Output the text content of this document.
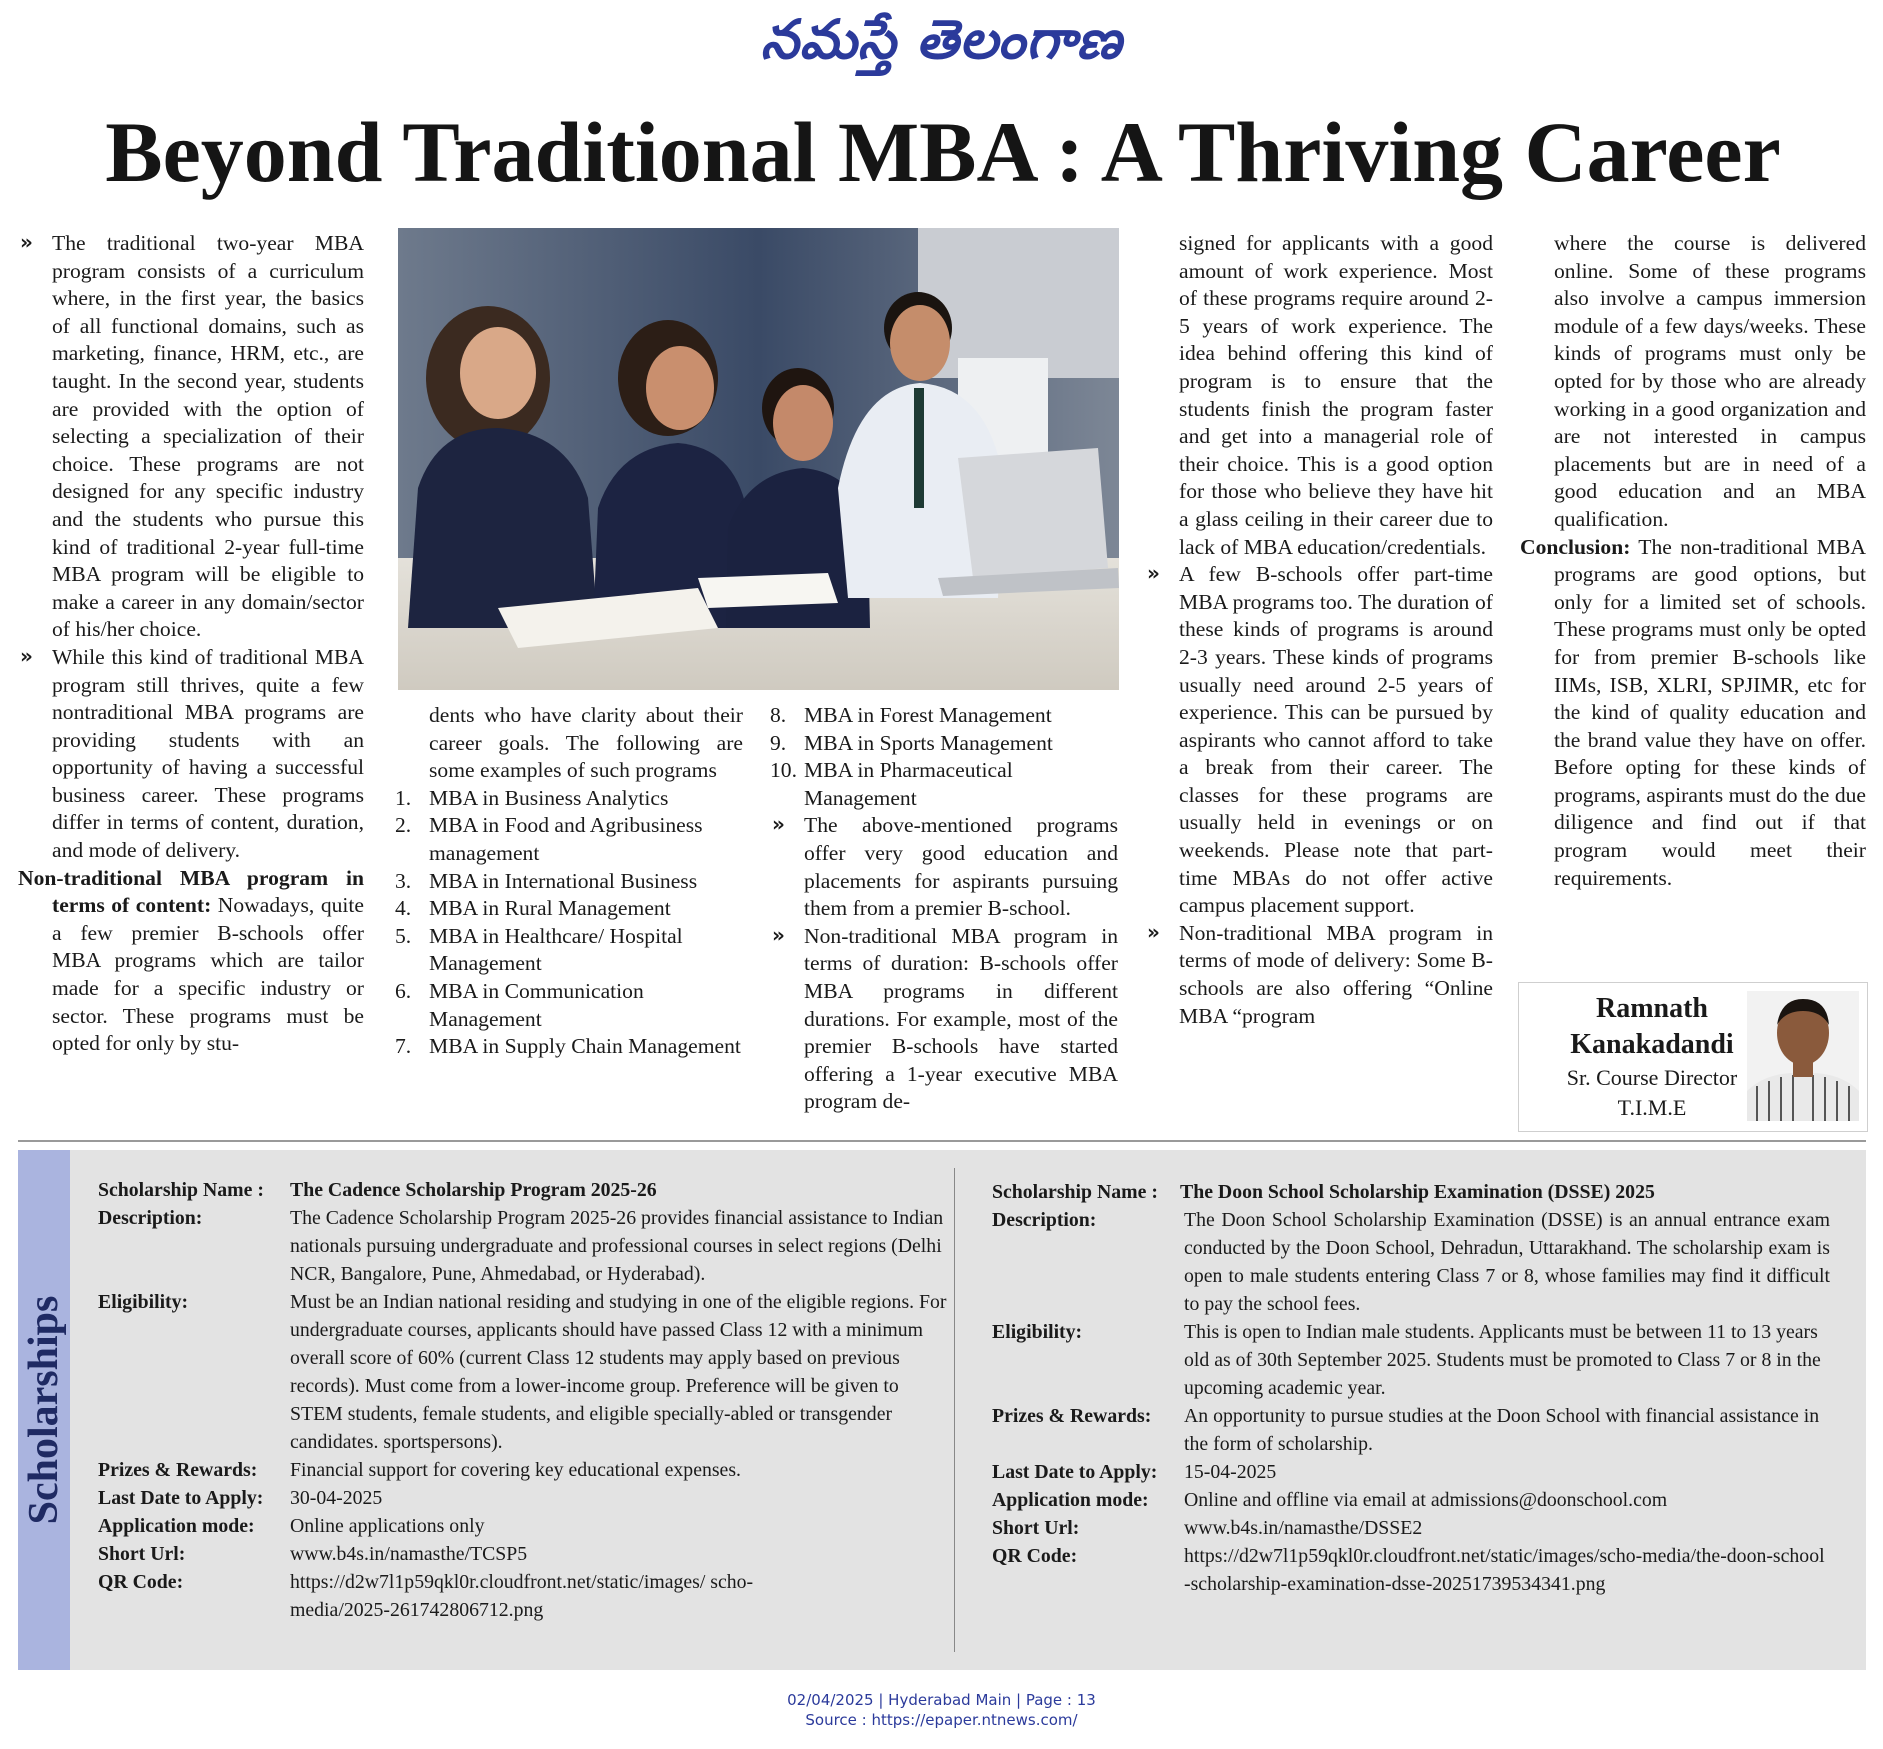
నమస్తే తెలంగాణ
Beyond Traditional MBA : A Thriving Career

» The traditional two-year MBA program consists of a curriculum where, in the first year, the basics of all functional domains, such as marketing, finance, HRM, etc., are taught. In the second year, students are provided with the option of selecting a specialization of their choice. These programs are not designed for any specific industry and the students who pursue this kind of traditional 2-year full-time MBA program will be eligible to make a career in any domain/sector of his/her choice.

» While this kind of traditional MBA program still thrives, quite a few nontraditional MBA programs are providing students with an opportunity of having a successful business career. These programs differ in terms of content, duration, and mode of delivery.

Non-traditional MBA program in terms of content: Nowadays, quite a few premier B-schools offer MBA programs which are tailor made for a specific industry or sector. These programs must be opted for only by stu-

dents who have clarity about their career goals. The following are some examples of such programs

1. MBA in Business Analytics
2. MBA in Food and Agribusiness management
3. MBA in International Business
4. MBA in Rural Management
5. MBA in Healthcare/ Hospital Management
6. MBA in Communication Management
7. MBA in Supply Chain Management
8. MBA in Forest Management
9. MBA in Sports Management
10. MBA in Pharmaceutical Management

» The above-mentioned programs offer very good education and placements for aspirants pursuing them from a premier B-school.

» Non-traditional MBA program in terms of duration: B-schools offer MBA programs in different durations. For example, most of the premier B-schools have started offering a 1-year executive MBA program de-

signed for applicants with a good amount of work experience. Most of these programs require around 2-5 years of work experience. The idea behind offering this kind of program is to ensure that the students finish the program faster and get into a managerial role of their choice. This is a good option for those who believe they have hit a glass ceiling in their career due to lack of MBA education/credentials.

» A few B-schools offer part-time MBA programs too. The duration of these kinds of programs is around 2-3 years. These kinds of programs usually need around 2-5 years of experience. This can be pursued by aspirants who cannot afford to take a break from their career. The classes for these programs are usually held in evenings or on weekends. Please note that part-time MBAs do not offer active campus placement support.

» Non-traditional MBA program in terms of mode of delivery: Some B-schools are also offering “Online MBA “program

where the course is delivered online. Some of these programs also involve a campus immersion module of a few days/weeks. These kinds of programs must only be opted for by those who are already working in a good organization and are not interested in campus placements but are in need of a good education and an MBA qualification.

Conclusion: The non-traditional MBA programs are good options, but only for a limited set of schools. These programs must only be opted for from premier B-schools like IIMs, ISB, XLRI, SPJIMR, etc for the kind of quality education and the brand value they have on offer. Before opting for these kinds of programs, aspirants must do the due diligence and find out if that program would meet their requirements.

Ramnath
Kanakadandi
Sr. Course Director
T.I.M.E
Scholarships
Scholarship Name : The Cadence Scholarship Program 2025-26
Description:	The Cadence Scholarship Program 2025-26 provides financial assistance to Indian nationals pursuing undergraduate and professional courses in select regions (Delhi NCR, Bangalore, Pune, Ahmedabad, or Hyderabad).
Eligibility:	Must be an Indian national residing and studying in one of the eligible regions. For undergraduate courses, applicants should have passed Class 12 with a minimum overall score of 60% (current Class 12 students may apply based on previous records). Must come from a lower-income group. Preference will be given to STEM students, female students, and eligible specially-abled or transgender candidates. sportspersons).
Prizes & Rewards: Financial support for covering key educational expenses.
Last Date to Apply: 30-04-2025
Application mode: Online applications only
Short Url:	www.b4s.in/namasthe/TCSP5
QR Code:	https://d2w7l1p59qkl0r.cloudfront.net/static/images/ scho-media/2025-261742806712.png
Scholarship Name : The Doon School Scholarship Examination (DSSE) 2025
Description:	The Doon School Scholarship Examination (DSSE) is an annual entrance exam conducted by the Doon School, Dehradun, Uttarakhand. The scholarship exam is open to male students entering Class 7 or 8, whose families may find it difficult to pay the school fees.
Eligibility:	This is open to Indian male students. Applicants must be between 11 to 13 years old as of 30th September 2025. Students must be promoted to Class 7 or 8 in the upcoming academic year.
Prizes & Rewards: An opportunity to pursue studies at the Doon School with financial assistance in the form of scholarship.
Last Date to Apply: 15-04-2025
Application mode: Online and offline via email at admissions@doonschool.com
Short Url:	www.b4s.in/namasthe/DSSE2
QR Code:	https://d2w7l1p59qkl0r.cloudfront.net/static/images/scho-media/the-doon-school-scholarship-examination-dsse-20251739534341.png
02/04/2025 | Hyderabad Main | Page : 13
Source : https://epaper.ntnews.com/
